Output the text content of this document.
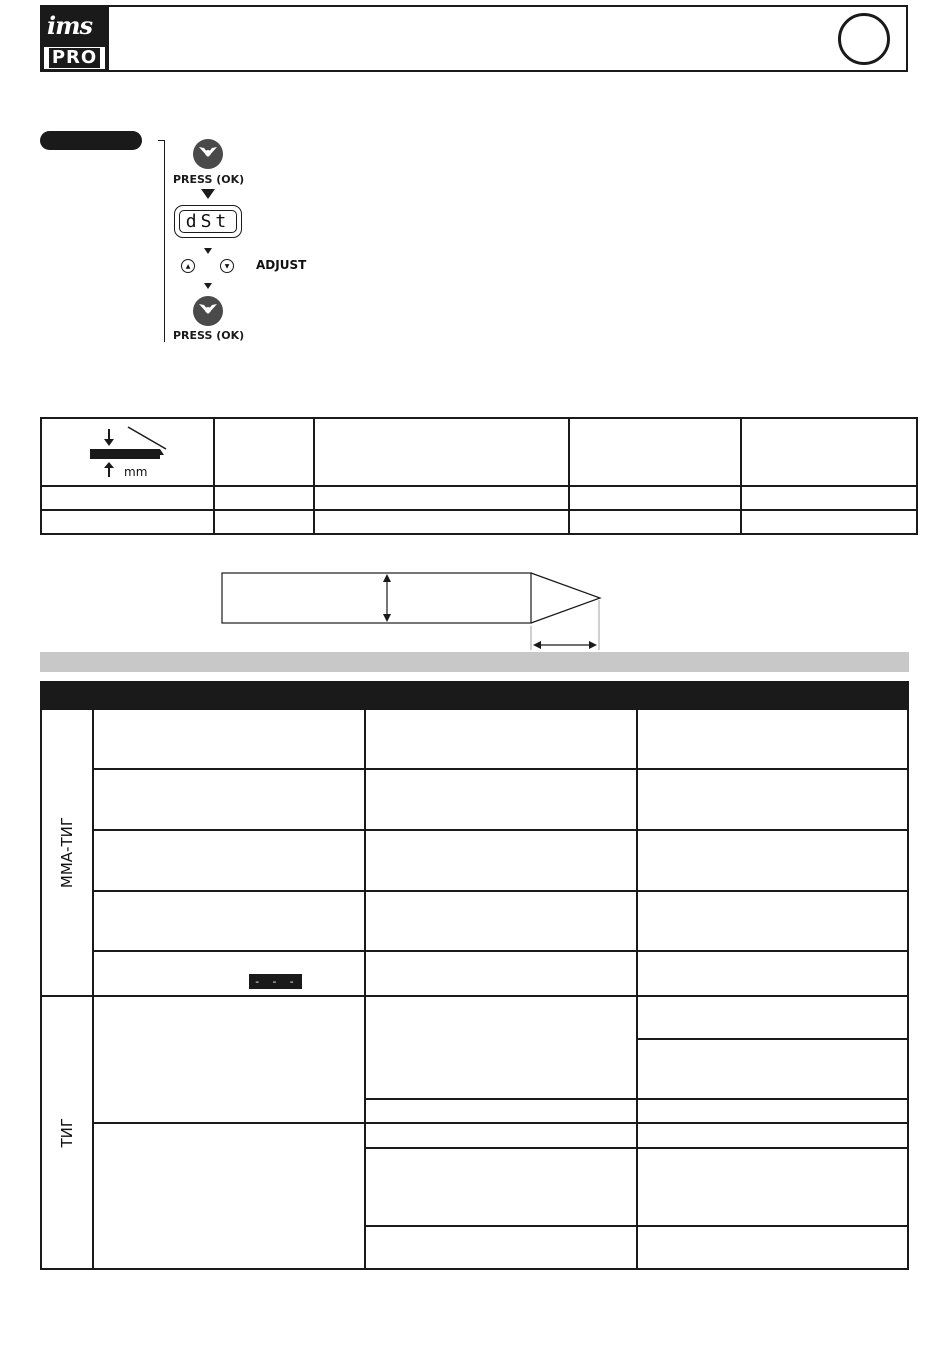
ims
PRO
PRESS (OK)
dSt
▲	▼	ADJUST
PRESS (OK)
mm				

ММА-ТИГ			

	- - -		

ТИГ			
